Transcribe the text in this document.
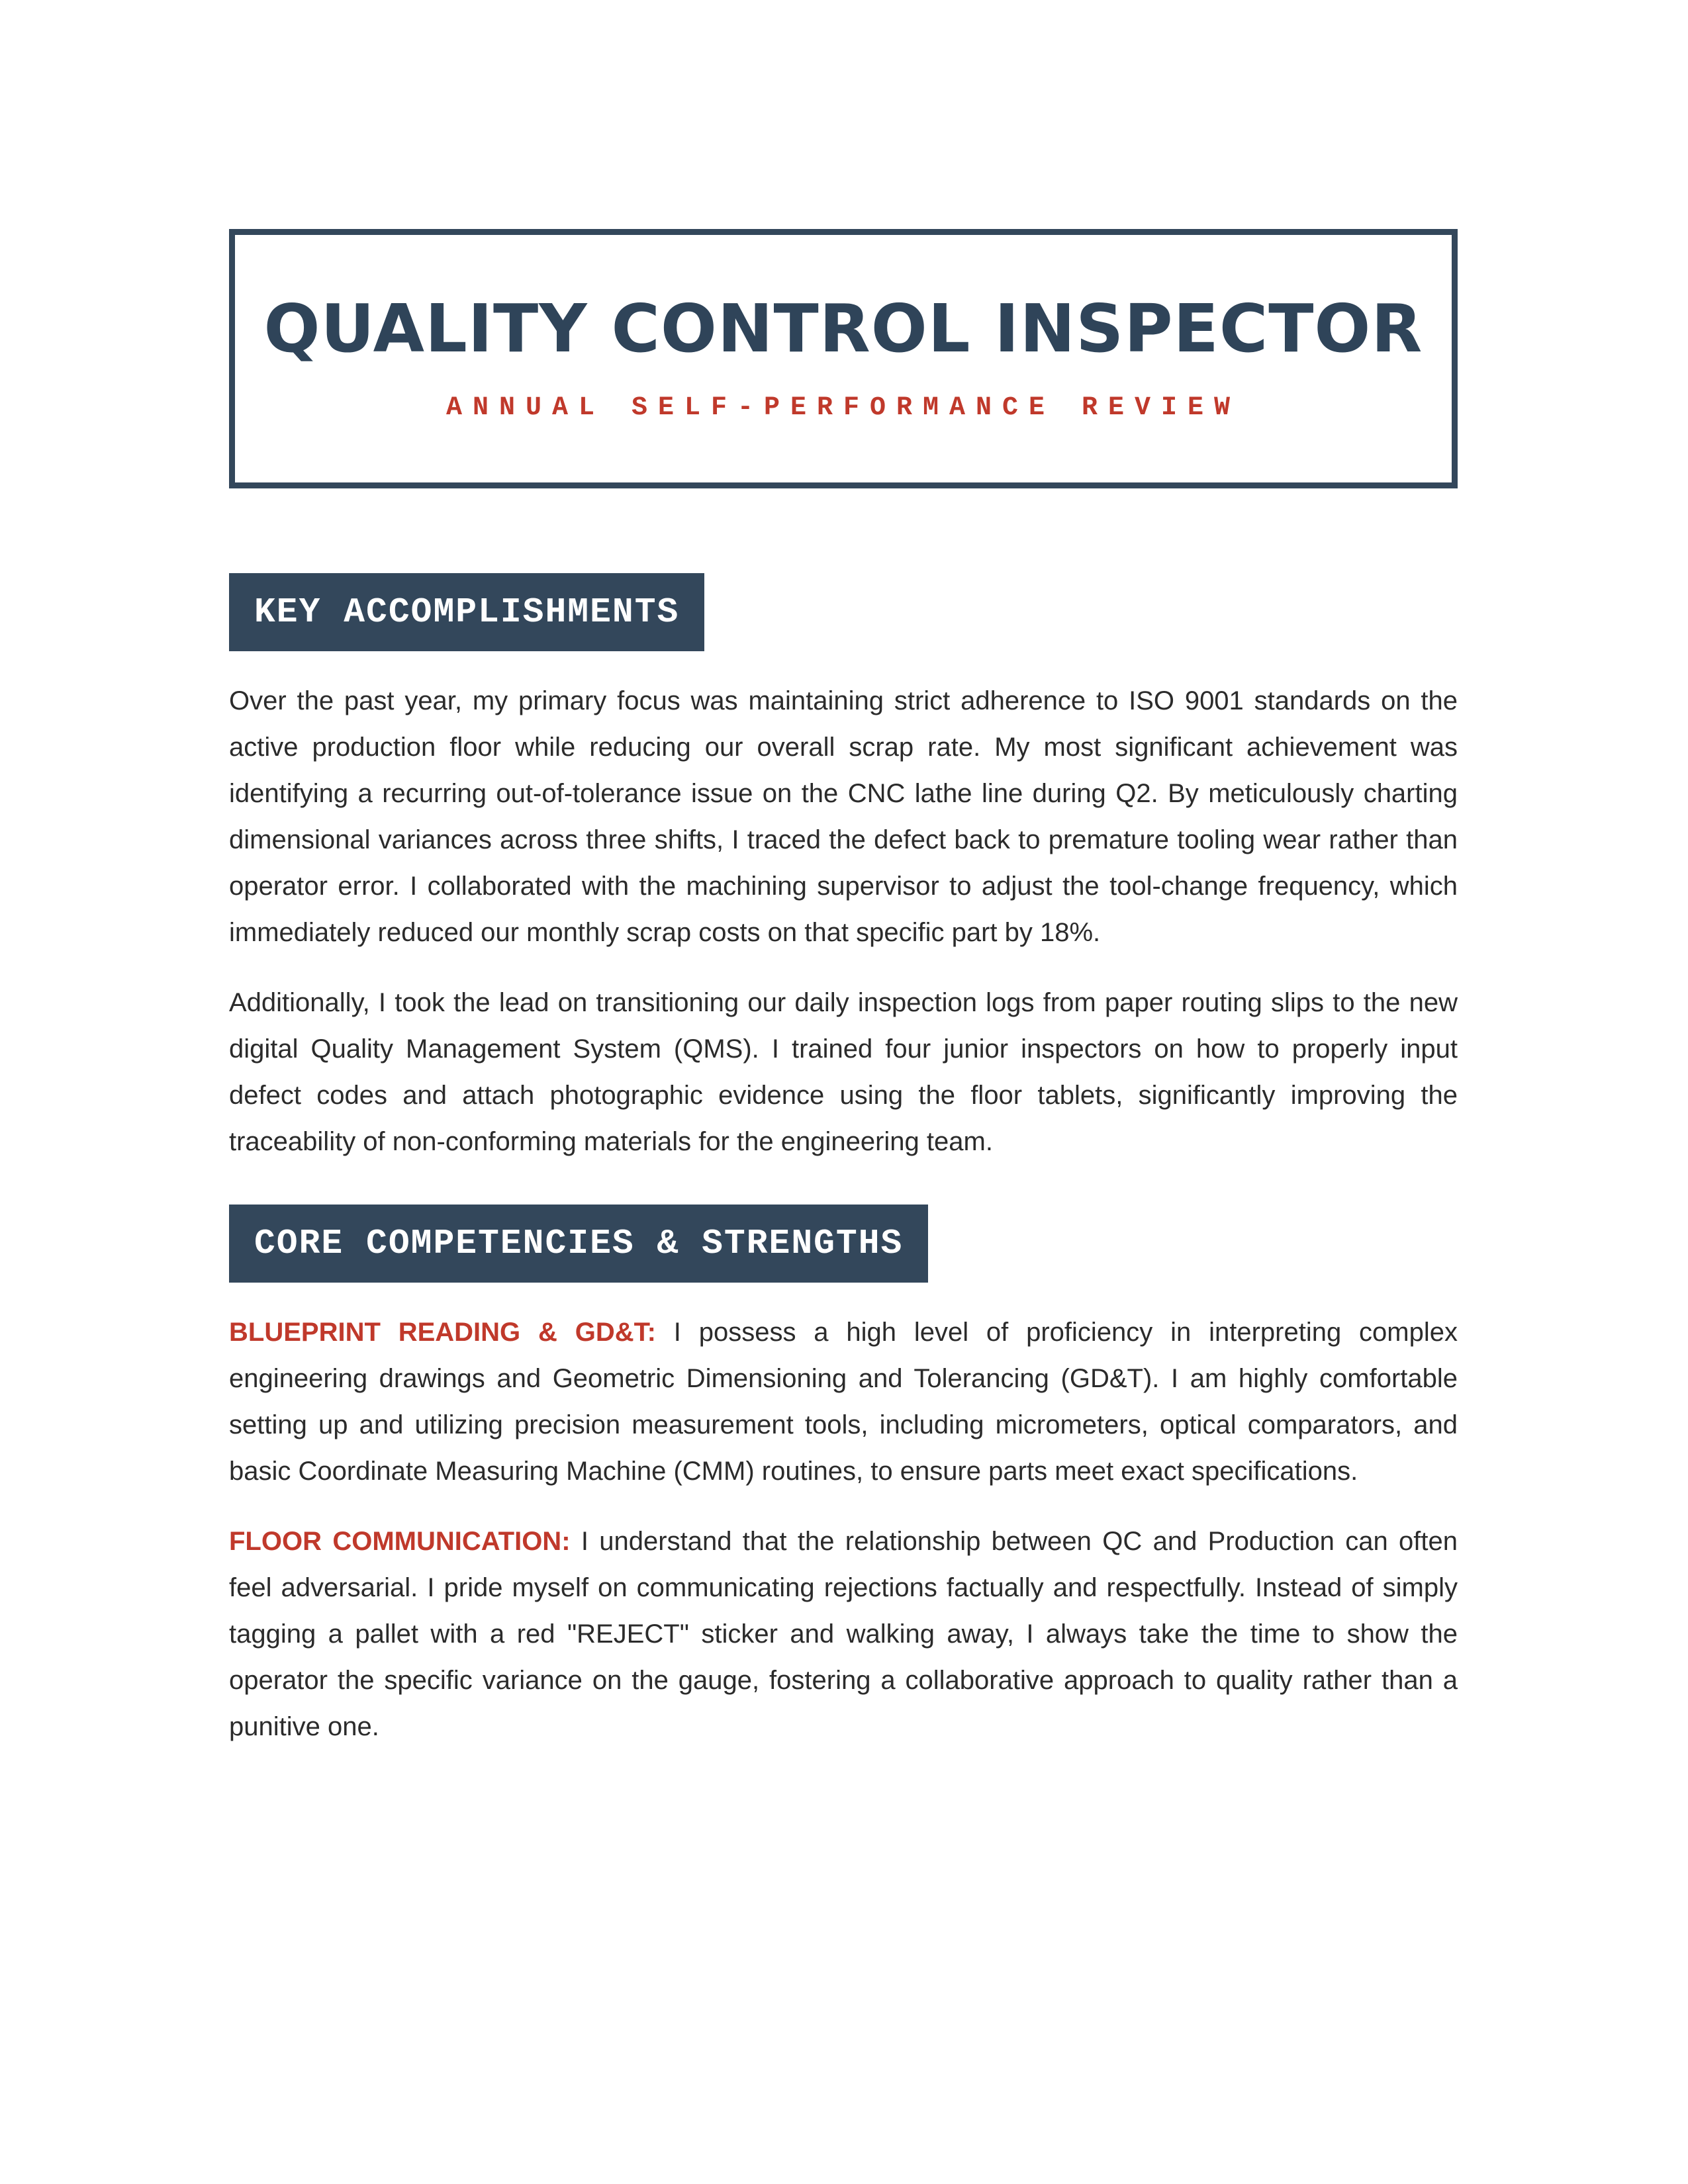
QUALITY CONTROL INSPECTOR
ANNUAL SELF-PERFORMANCE REVIEW
KEY ACCOMPLISHMENTS

Over the past year, my primary focus was maintaining strict adherence to ISO 9001 standards on the active production floor while reducing our overall scrap rate. My most significant achievement was identifying a recurring out-of-tolerance issue on the CNC lathe line during Q2. By meticulously charting dimensional variances across three shifts, I traced the defect back to premature tooling wear rather than operator error. I collaborated with the machining supervisor to adjust the tool-change frequency, which immediately reduced our monthly scrap costs on that specific part by 18%.

Additionally, I took the lead on transitioning our daily inspection logs from paper routing slips to the new digital Quality Management System (QMS). I trained four junior inspectors on how to properly input defect codes and attach photographic evidence using the floor tablets, significantly improving the traceability of non-conforming materials for the engineering team.

CORE COMPETENCIES & STRENGTHS

BLUEPRINT READING & GD&T: I possess a high level of proficiency in interpreting complex engineering drawings and Geometric Dimensioning and Tolerancing (GD&T). I am highly comfortable setting up and utilizing precision measurement tools, including micrometers, optical comparators, and basic Coordinate Measuring Machine (CMM) routines, to ensure parts meet exact specifications.

FLOOR COMMUNICATION: I understand that the relationship between QC and Production can often feel adversarial. I pride myself on communicating rejections factually and respectfully. Instead of simply tagging a pallet with a red "REJECT" sticker and walking away, I always take the time to show the operator the specific variance on the gauge, fostering a collaborative approach to quality rather than a punitive one.
